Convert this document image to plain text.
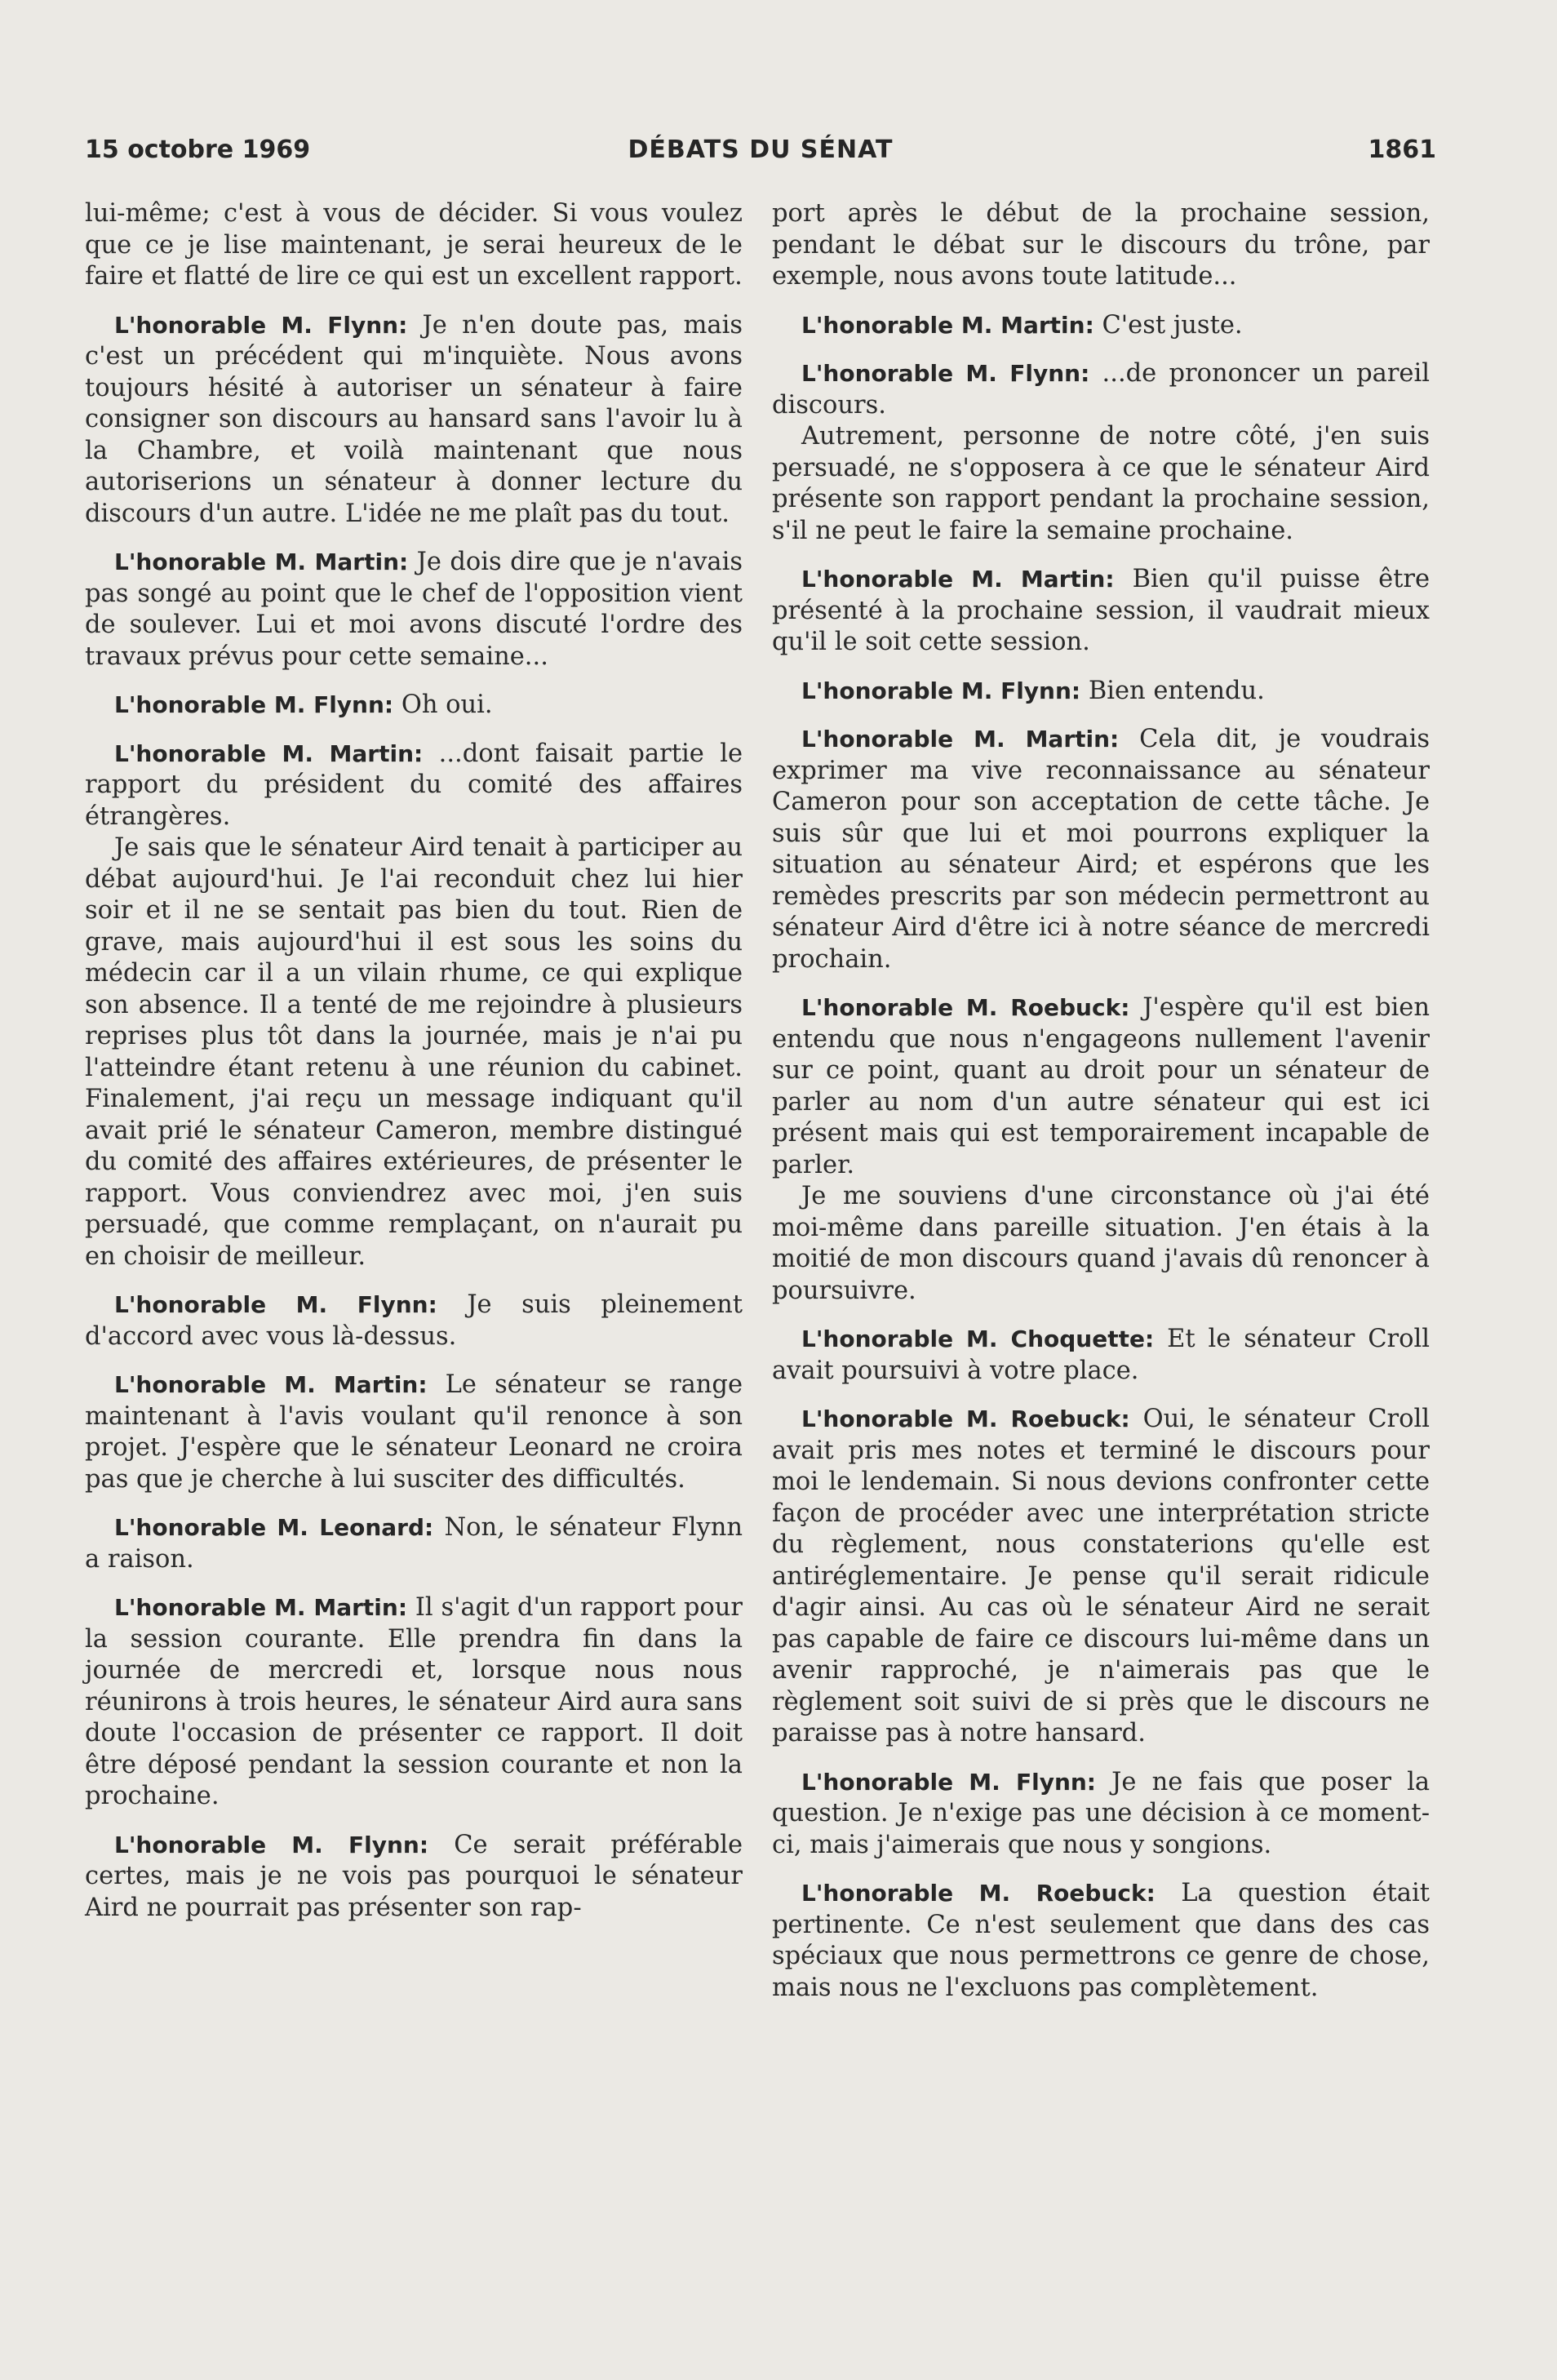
15 octobre 1969	DÉBATS DU SÉNAT	1861

lui-même; c'est à vous de décider. Si vous voulez que ce je lise maintenant, je serai heureux de le faire et flatté de lire ce qui est un excellent rapport.

L'honorable M. Flynn: Je n'en doute pas, mais c'est un précédent qui m'inquiète. Nous avons toujours hésité à autoriser un sénateur à faire consigner son discours au hansard sans l'avoir lu à la Chambre, et voilà maintenant que nous autoriserions un sénateur à donner lecture du discours d'un autre. L'idée ne me plaît pas du tout.

L'honorable M. Martin: Je dois dire que je n'avais pas songé au point que le chef de l'opposition vient de soulever. Lui et moi avons discuté l'ordre des travaux prévus pour cette semaine...

L'honorable M. Flynn: Oh oui.

L'honorable M. Martin: ...dont faisait partie le rapport du président du comité des affaires étrangères.

Je sais que le sénateur Aird tenait à participer au débat aujourd'hui. Je l'ai reconduit chez lui hier soir et il ne se sentait pas bien du tout. Rien de grave, mais aujourd'hui il est sous les soins du médecin car il a un vilain rhume, ce qui explique son absence. Il a tenté de me rejoindre à plusieurs reprises plus tôt dans la journée, mais je n'ai pu l'atteindre étant retenu à une réunion du cabinet. Finalement, j'ai reçu un message indiquant qu'il avait prié le sénateur Cameron, membre distingué du comité des affaires extérieures, de présenter le rapport. Vous conviendrez avec moi, j'en suis persuadé, que comme remplaçant, on n'aurait pu en choisir de meilleur.

L'honorable M. Flynn: Je suis pleinement d'accord avec vous là-dessus.

L'honorable M. Martin: Le sénateur se range maintenant à l'avis voulant qu'il renonce à son projet. J'espère que le sénateur Leonard ne croira pas que je cherche à lui susciter des difficultés.

L'honorable M. Leonard: Non, le sénateur Flynn a raison.

L'honorable M. Martin: Il s'agit d'un rapport pour la session courante. Elle prendra fin dans la journée de mercredi et, lorsque nous nous réunirons à trois heures, le sénateur Aird aura sans doute l'occasion de présenter ce rapport. Il doit être déposé pendant la session courante et non la prochaine.

L'honorable M. Flynn: Ce serait préférable certes, mais je ne vois pas pourquoi le sénateur Aird ne pourrait pas présenter son rap-

port après le début de la prochaine session, pendant le débat sur le discours du trône, par exemple, nous avons toute latitude...

L'honorable M. Martin: C'est juste.

L'honorable M. Flynn: ...de prononcer un pareil discours.

Autrement, personne de notre côté, j'en suis persuadé, ne s'opposera à ce que le sénateur Aird présente son rapport pendant la prochaine session, s'il ne peut le faire la semaine prochaine.

L'honorable M. Martin: Bien qu'il puisse être présenté à la prochaine session, il vaudrait mieux qu'il le soit cette session.

L'honorable M. Flynn: Bien entendu.

L'honorable M. Martin: Cela dit, je voudrais exprimer ma vive reconnaissance au sénateur Cameron pour son acceptation de cette tâche. Je suis sûr que lui et moi pourrons expliquer la situation au sénateur Aird; et espérons que les remèdes prescrits par son médecin permettront au sénateur Aird d'être ici à notre séance de mercredi prochain.

L'honorable M. Roebuck: J'espère qu'il est bien entendu que nous n'engageons nullement l'avenir sur ce point, quant au droit pour un sénateur de parler au nom d'un autre sénateur qui est ici présent mais qui est temporairement incapable de parler.

Je me souviens d'une circonstance où j'ai été moi-même dans pareille situation. J'en étais à la moitié de mon discours quand j'avais dû renoncer à poursuivre.

L'honorable M. Choquette: Et le sénateur Croll avait poursuivi à votre place.

L'honorable M. Roebuck: Oui, le sénateur Croll avait pris mes notes et terminé le discours pour moi le lendemain. Si nous devions confronter cette façon de procéder avec une interprétation stricte du règlement, nous constaterions qu'elle est antiréglementaire. Je pense qu'il serait ridicule d'agir ainsi. Au cas où le sénateur Aird ne serait pas capable de faire ce discours lui-même dans un avenir rapproché, je n'aimerais pas que le règlement soit suivi de si près que le discours ne paraisse pas à notre hansard.

L'honorable M. Flynn: Je ne fais que poser la question. Je n'exige pas une décision à ce moment-ci, mais j'aimerais que nous y songions.

L'honorable M. Roebuck: La question était pertinente. Ce n'est seulement que dans des cas spéciaux que nous permettrons ce genre de chose, mais nous ne l'excluons pas complètement.
